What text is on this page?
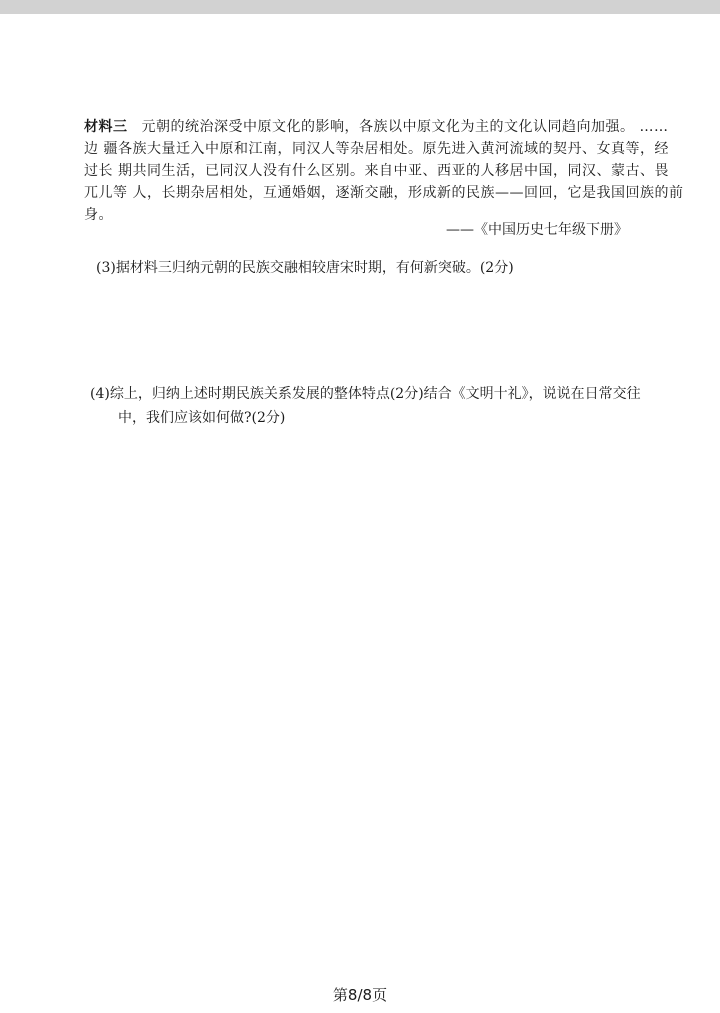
材料三 元朝的统治深受中原文化的影响，各族以中原文化为主的文化认同趋向加强。 ……
边 疆各族大量迁入中原和江南，同汉人等杂居相处。原先进入黄河流域的契丹、女真等，经
过长 期共同生活，已同汉人没有什么区别。来自中亚、西亚的人移居中国，同汉、蒙古、畏
兀儿等 人，长期杂居相处，互通婚姻，逐渐交融，形成新的民族——回回，它是我国回族的前
身。
——《中国历史七年级下册》
(3)据材料三归纳元朝的民族交融相较唐宋时期，有何新突破。(2分)
(4)综上，归纳上述时期民族关系发展的整体特点(2分)结合《文明十礼》，说说在日常交往
中，我们应该如何做?(2分)
第8/8页
